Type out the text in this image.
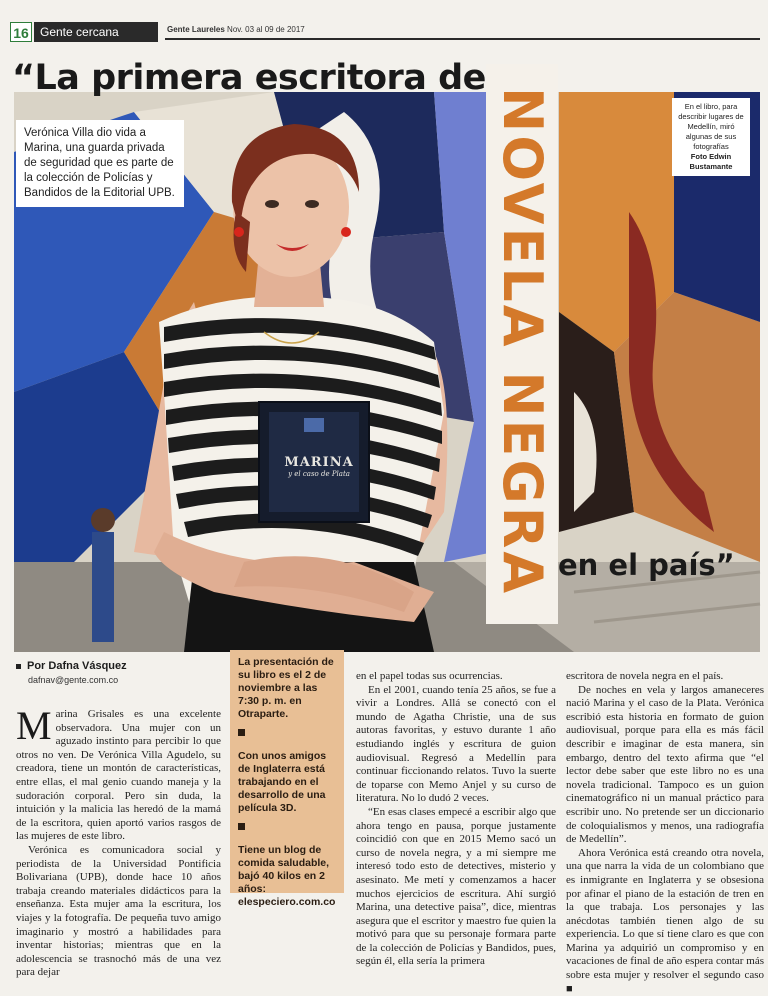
16 Gente cercana	Gente Laureles Nov. 03 al 09 de 2017
MARINA
y el caso de Plata
“La primera escritora de
NOVELA NEGRA en el país”
Verónica Villa dio vida a Marina, una guarda privada de seguridad que es parte de la colección de Policías y Bandidos de la Editorial UPB.
En el libro, para describir lugares de Medellín, miró algunas de sus fotografías
Foto Edwin Bustamante
Por Dafna Vásquez
dafnav@gente.com.co
M arina Grisales es una excelente observadora. Una mujer con un aguzado instinto para percibir lo que otros no ven. De Verónica Villa Agudelo, su creadora, tiene un montón de características, entre ellas, el mal genio cuando maneja y la sudoración corporal. Pero sin duda, la intuición y la malicia las heredó de la mamá de la escritora, quien aportó varios rasgos de las mujeres de este libro.

Verónica es comunicadora social y periodista de la Universidad Pontificia Bolivariana (UPB), donde hace 10 años trabaja creando materiales didácticos para la enseñanza. Esta mujer ama la escritura, los viajes y la fotografía. De pequeña tuvo amigo imaginario y mostró a habilidades para inventar historias; mientras que en la adolescencia se trasnochó más de una vez para dejar

La presentación de su libro es el 2 de noviembre a las 7:30 p. m. en Otraparte.
Con unos amigos de Inglaterra está trabajando en el desarrollo de una película 3D.
Tiene un blog de comida saludable, bajó 40 kilos en 2 años: elespeciero.com.co

en el papel todas sus ocurrencias.

En el 2001, cuando tenía 25 años, se fue a vivir a Londres. Allá se conectó con el mundo de Agatha Christie, una de sus autoras favoritas, y estuvo durante 1 año estudiando inglés y escritura de guion audiovisual. Regresó a Medellín para continuar ficcionando relatos. Tuvo la suerte de toparse con Memo Anjel y su curso de literatura. No lo dudó 2 veces.

“En esas clases empecé a escribir algo que ahora tengo en pausa, porque justamente coincidió con que en 2015 Memo sacó un curso de novela negra, y a mí siempre me interesó todo esto de detectives, misterio y asesinato. Me metí y comenzamos a hacer muchos ejercicios de escritura. Ahí surgió Marina, una detective paisa”, dice, mientras asegura que el escritor y maestro fue quien la motivó para que su personaje formara parte de la colección de Policías y Bandidos, pues, según él, ella sería la primera

escritora de novela negra en el país.

De noches en vela y largos amaneceres nació Marina y el caso de la Plata. Verónica escribió esta historia en formato de guion audiovisual, porque para ella es más fácil describir e imaginar de esta manera, sin embargo, dentro del texto afirma que “el lector debe saber que este libro no es una novela tradicional. Tampoco es un guion cinematográfico ni un manual práctico para escribir uno. No pretende ser un diccionario de coloquialismos y menos, una radiografía de Medellín”.

Ahora Verónica está creando otra novela, una que narra la vida de un colombiano que es inmigrante en Inglaterra y se obsesiona por afinar el piano de la estación de tren en la que trabaja. Los personajes y las anécdotas también tienen algo de su experiencia. Lo que sí tiene claro es que con Marina ya adquirió un compromiso y en vacaciones de final de año espera contar más sobre esta mujer y resolver el segundo caso ■
